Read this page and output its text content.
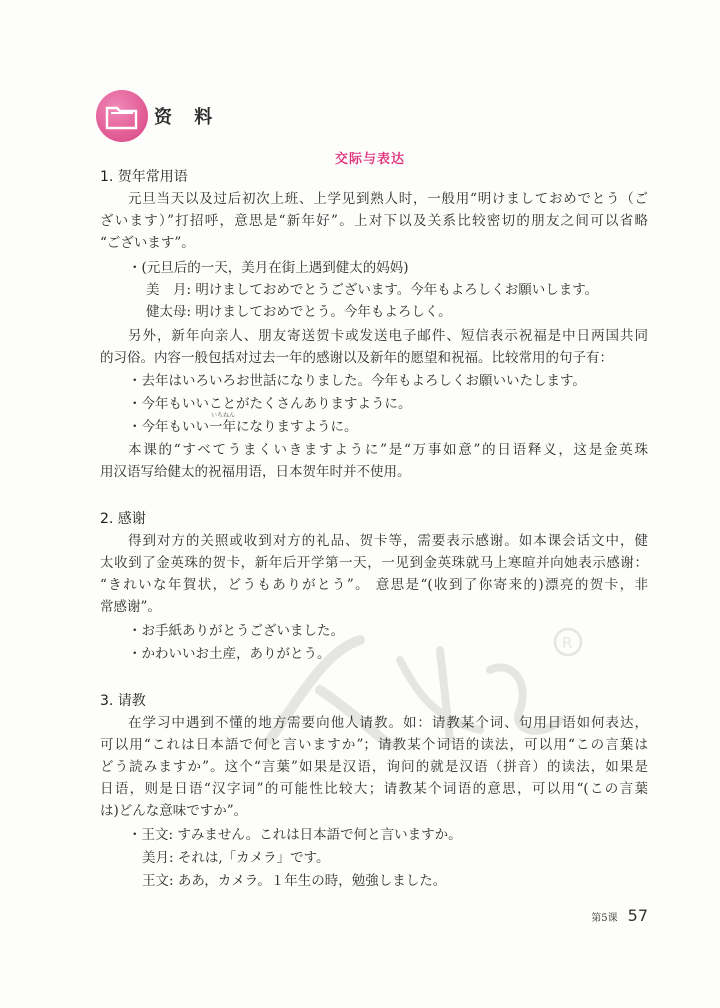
资 料
交际与表达
1. 贺年常用语
元旦当天以及过后初次上班、上学见到熟人时，一般用“明けましておめでとう（ご
ざいます）”打招呼，意思是“新年好”。上对下以及关系比较密切的朋友之间可以省略
“ございます”。
・(元旦后的一天，美月在街上遇到健太的妈妈)
美　月: 明けましておめでとうございます。今年もよろしくお願いします。
健太母: 明けましておめでとう。今年もよろしく。
另外，新年向亲人、朋友寄送贺卡或发送电子邮件、短信表示祝福是中日两国共同
的习俗。内容一般包括对过去一年的感谢以及新年的愿望和祝福。比较常用的句子有：
・去年はいろいろお世話になりました。今年もよろしくお願いいたします。
・今年もいいことがたくさんありますように。
いちねん
・今年もいい一年になりますように。
本课的“すべてうまくいきますように”是“万事如意”的日语释义，这是金英珠
用汉语写给健太的祝福用语，日本贺年时并不使用。
2. 感谢
得到对方的关照或收到对方的礼品、贺卡等，需要表示感谢。如本课会话文中，健
太收到了金英珠的贺卡，新年后开学第一天，一见到金英珠就马上寒暄并向她表示感谢：
“きれいな年賀状，どうもありがとう”。 意思是“(收到了你寄来的)漂亮的贺卡，非
常感谢”。
・お手紙ありがとうございました。
・かわいいお土産，ありがとう。
R
3. 请教
在学习中遇到不懂的地方需要向他人请教。如：请教某个词、句用日语如何表达，
可以用“これは日本語で何と言いますか”；请教某个词语的读法，可以用“この言葉は
どう読みますか”。这个“言葉”如果是汉语，询问的就是汉语（拼音）的读法，如果是
日语，则是日语“汉字词”的可能性比较大；请教某个词语的意思，可以用“(この言葉
は)どんな意味ですか”。
・王文: すみません。これは日本語で何と言いますか。
美月: それは,「カメラ」です。
王文: ああ，カメラ。１年生の時，勉強しました。
第5课 57
